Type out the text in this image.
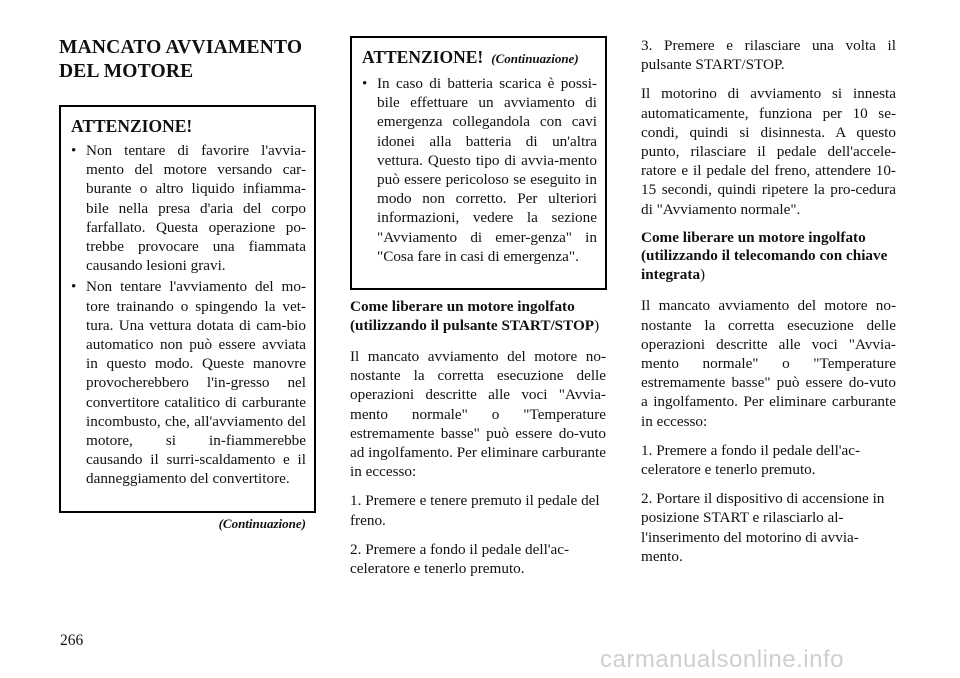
MANCATO AVVIAMENTO DEL MOTORE
ATTENZIONE!
• Non tentare di favorire l'avvia-mento del motore versando car-burante o altro liquido infiamma-bile nella presa d'aria del corpo farfallato. Questa operazione po-trebbe provocare una fiammata causando lesioni gravi.
• Non tentare l'avviamento del mo-tore trainando o spingendo la vet-tura. Una vettura dotata di cam-bio automatico non può essere avviata in questo modo. Queste manovre provocherebbero l'in-gresso nel convertitore catalitico di carburante incombusto, che, all'avviamento del motore, si in-fiammerebbe causando il surri-scaldamento e il danneggiamento del convertitore.
(Continuazione)
ATTENZIONE! (Continuazione)
• In caso di batteria scarica è possi-bile effettuare un avviamento di emergenza collegandola con cavi idonei alla batteria di un'altra vettura. Questo tipo di avvia-mento può essere pericoloso se eseguito in modo non corretto. Per ulteriori informazioni, vedere la sezione "Avviamento di emer-genza" in "Cosa fare in casi di emergenza".
Come liberare un motore ingolfato (utilizzando il pulsante START/STOP)

Il mancato avviamento del motore no-nostante la corretta esecuzione delle operazioni descritte alle voci "Avvia-mento normale" o "Temperature estremamente basse" può essere do-vuto ad ingolfamento. Per eliminare carburante in eccesso:

1. Premere e tenere premuto il pedale del freno.

2. Premere a fondo il pedale dell'ac-celeratore e tenerlo premuto.

3. Premere e rilasciare una volta il pulsante START/STOP.

Il motorino di avviamento si innesta automaticamente, funziona per 10 se-condi, quindi si disinnesta. A questo punto, rilasciare il pedale dell'accele-ratore e il pedale del freno, attendere 10-15 secondi, quindi ripetere la pro-cedura di "Avviamento normale".

Come liberare un motore ingolfato (utilizzando il telecomando con chiave integrata)

Il mancato avviamento del motore no-nostante la corretta esecuzione delle operazioni descritte alle voci "Avvia-mento normale" o "Temperature estremamente basse" può essere do-vuto a ingolfamento. Per eliminare carburante in eccesso:

1. Premere a fondo il pedale dell'ac-celeratore e tenerlo premuto.

2. Portare il dispositivo di accensione in posizione START e rilasciarlo al-l'inserimento del motorino di avvia-mento.

266
carmanualsonline.info
